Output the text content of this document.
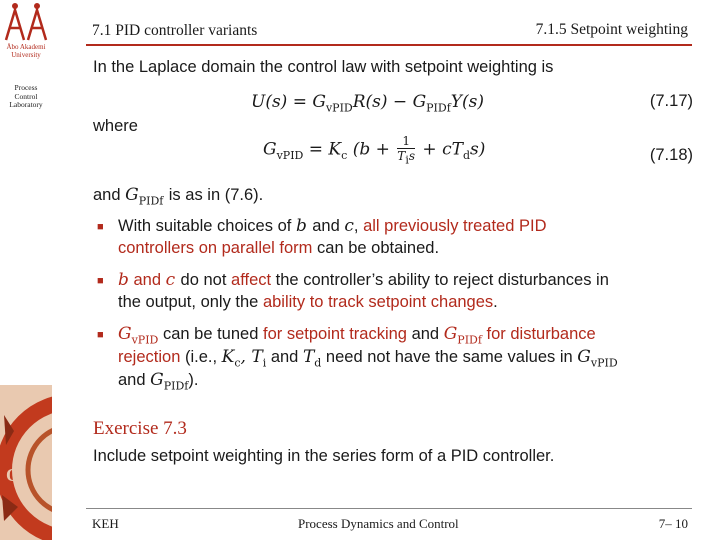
Åbo Akademi University
Process
Control
Laboratory
O
7.1 PID controller variants	7.1.5 Setpoint weighting
In the Laplace domain the control law with setpoint weighting is
$U(s) = G_{vPID}R(s) - G_{PIDf}Y(s)$	(7.17)
where
$G_{vPID} = K_c$ $(b + \frac{1}{T_is} + cT_ds)$	(7.18)
and $G_{PIDf}$ is as in (7.6).
■ With suitable choices of b and c, all previously treated PID
controllers on parallel form can be obtained.
■ b and c do not affect the controller’s ability to reject disturbances in
the output, only the ability to track setpoint changes.
■ $G_{vPID}$ can be tuned for setpoint tracking and $G_{PIDf}$ for disturbance
rejection (i.e., $K_c$, $T_i$ and $T_d$ need not have the same values in $G_{vPID}$
and $G_{PIDf}$).
Exercise 7.3
Include setpoint weighting in the series form of a PID controller.
KEH	Process Dynamics and Control	7– 10
